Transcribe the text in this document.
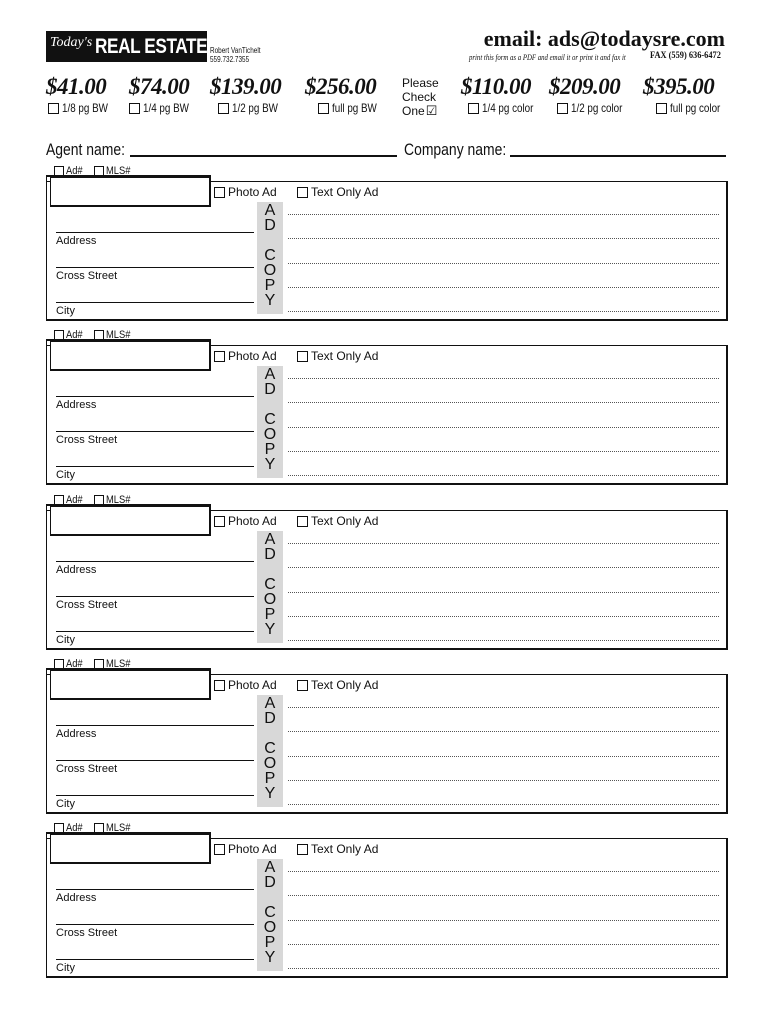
Today's REAL ESTATE Robert VanTichelt
559.732.7355
email: ads@todaysre.com
print this form as a PDF and email it or print it and fax it	FAX (559) 636-6472
$41.00 $74.00 $139.00 $256.00
1/8 pg BW	1/4 pg BW	1/2 pg BW	full pg BW
Please
Check
One☑
$110.00 $209.00 $395.00
1/4 pg color	1/2 pg color	full pg color
Agent name:	Company name:
Ad# MLS#
Photo Ad	Text Only Ad
Address
Cross Street
City
A
D
C
O
P
Y
Ad# MLS#
Photo Ad	Text Only Ad
Address
Cross Street
City
A
D
C
O
P
Y
Ad# MLS#
Photo Ad	Text Only Ad
Address
Cross Street
City
A
D
C
O
P
Y
Ad# MLS#
Photo Ad	Text Only Ad
Address
Cross Street
City
A
D
C
O
P
Y
Ad# MLS#
Photo Ad	Text Only Ad
Address
Cross Street
City
A
D
C
O
P
Y
